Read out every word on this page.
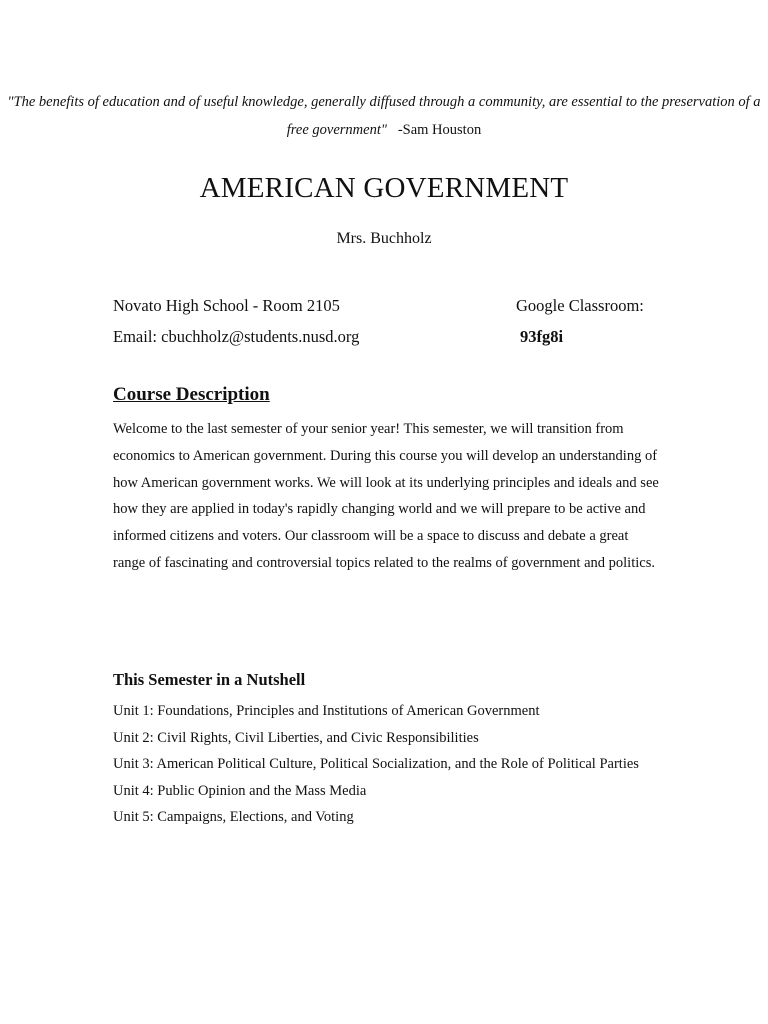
"The benefits of education and of useful knowledge, generally diffused through a community, are essential to the preservation of a free government" -Sam Houston
AMERICAN GOVERNMENT
Mrs. Buchholz
Novato High School - Room 2105
Email: cbuchholz@students.nusd.org
Google Classroom:
93fg8i
Course Description
Welcome to the last semester of your senior year! This semester, we will transition from economics to American government. During this course you will develop an understanding of how American government works. We will look at its underlying principles and ideals and see how they are applied in today's rapidly changing world and we will prepare to be active and informed citizens and voters. Our classroom will be a space to discuss and debate a great range of fascinating and controversial topics related to the realms of government and politics.
This Semester in a Nutshell
Unit 1: Foundations, Principles and Institutions of American Government
Unit 2: Civil Rights, Civil Liberties, and Civic Responsibilities
Unit 3: American Political Culture, Political Socialization, and the Role of Political Parties
Unit 4: Public Opinion and the Mass Media
Unit 5: Campaigns, Elections, and Voting
